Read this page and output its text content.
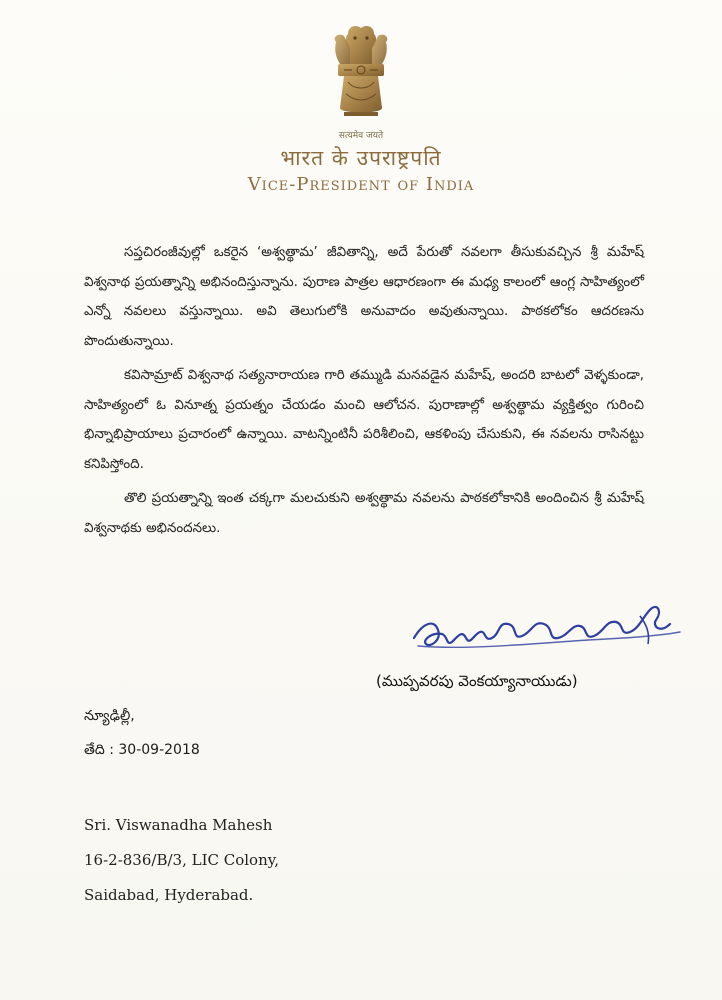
सत्यमेव जयते
भारत के उपराष्ट्रपति
Vice-President of India

సప్తచిరంజీవుల్లో ఒకరైన ‘అశ్వత్థామ’ జీవితాన్ని, అదే పేరుతో నవలగా తీసుకువచ్చిన శ్రీ మహేష్ విశ్వనాథ ప్రయత్నాన్ని అభినందిస్తున్నాను. పురాణ పాత్రల ఆధారణంగా ఈ మధ్య కాలంలో ఆంగ్ల సాహిత్యంలో ఎన్నో నవలలు వస్తున్నాయి. అవి తెలుగులోకి అనువాదం అవుతున్నాయి. పాఠకలోకం ఆదరణను పొందుతున్నాయి.

కవిసామ్రాట్ విశ్వనాథ సత్యనారాయణ గారి తమ్ముడి మనవడైన మహేష్, అందరి బాటలో వెళ్ళకుండా, సాహిత్యంలో ఓ వినూత్న ప్రయత్నం చేయడం మంచి ఆలోచన. పురాణాల్లో అశ్వత్థామ వ్యక్తిత్వం గురించి భిన్నాభిప్రాయాలు ప్రచారంలో ఉన్నాయి. వాటన్నింటినీ పరిశీలించి, ఆకళింపు చేసుకుని, ఈ నవలను రాసినట్టు కనిపిస్తోంది.

తొలి ప్రయత్నాన్ని ఇంత చక్కగా మలచుకుని అశ్వత్థామ నవలను పాఠకలోకానికి అందించిన శ్రీ మహేష్ విశ్వనాథకు అభినందనలు.

(ముప్పవరపు వెంకయ్యానాయుడు)
న్యూఢిల్లీ,
తేది : 30-09-2018
Sri. Viswanadha Mahesh
16-2-836/B/3, LIC Colony,
Saidabad, Hyderabad.
